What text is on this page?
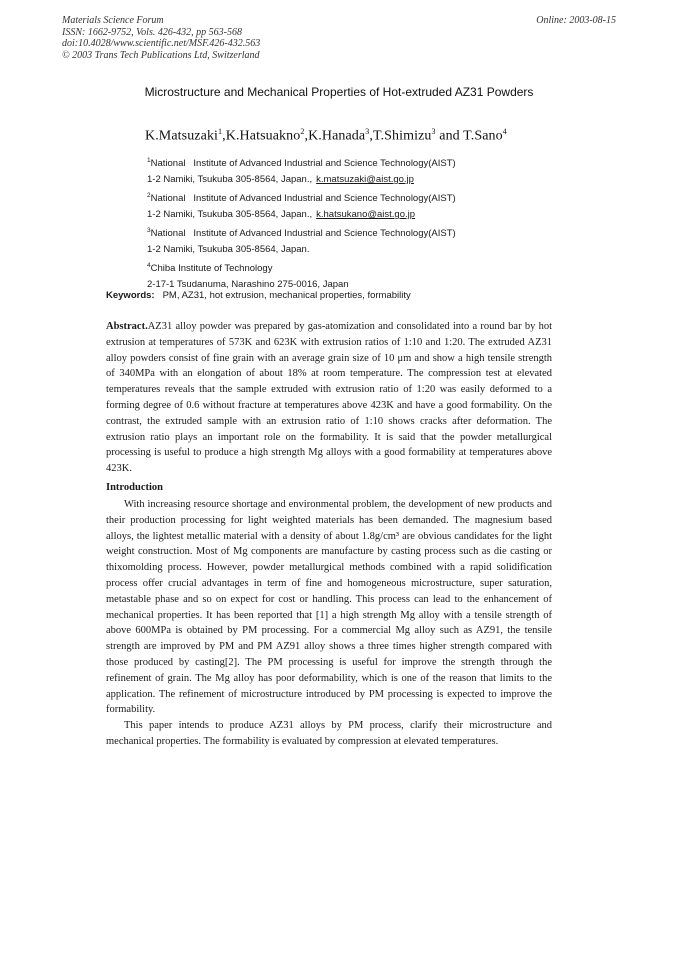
Materials Science Forum
ISSN: 1662-9752, Vols. 426-432, pp 563-568
doi:10.4028/www.scientific.net/MSF.426-432.563
© 2003 Trans Tech Publications Ltd, Switzerland
Online: 2003-08-15
Microstructure and Mechanical Properties of Hot-extruded AZ31 Powders
K.Matsuzaki$^1$,K.Hatsuakno$^2$,K.Hanada$^3$,T.Shimizu$^3$ and T.Sano$^4$
$^1$National   Institute of Advanced Industrial and Science Technology(AIST)
1-2 Namiki, Tsukuba 305-8564, Japan., k.matsuzaki@aist.go.jp
$^2$National   Institute of Advanced Industrial and Science Technology(AIST)
1-2 Namiki, Tsukuba 305-8564, Japan., k.hatsukano@aist.go.jp
$^3$National   Institute of Advanced Industrial and Science Technology(AIST)
1-2 Namiki, Tsukuba 305-8564, Japan.
$^4$Chiba Institute of Technology
2-17-1 Tsudanuma, Narashino 275-0016, Japan
Keywords: PM, AZ31, hot extrusion, mechanical properties, formability
Abstract.AZ31 alloy powder was prepared by gas-atomization and consolidated into a round bar by hot extrusion at temperatures of 573K and 623K with extrusion ratios of 1:10 and 1:20. The extruded AZ31 alloy powders consist of fine grain with an average grain size of 10 μm and show a high tensile strength of 340MPa with an elongation of about 18% at room temperature. The compression test at elevated temperatures reveals that the sample extruded with extrusion ratio of 1:20 was easily deformed to a forming degree of 0.6 without fracture at temperatures above 423K and have a good formability. On the contrast, the extruded sample with an extrusion ratio of 1:10 shows cracks after deformation. The extrusion ratio plays an important role on the formability. It is said that the powder metallurgical processing is useful to produce a high strength Mg alloys with a good formability at temperatures above 423K.
Introduction

With increasing resource shortage and environmental problem, the development of new products and their production processing for light weighted materials has been demanded. The magnesium based alloys, the lightest metallic material with a density of about 1.8g/cm³ are obvious candidates for the light weight construction. Most of Mg components are manufacture by casting process such as die casting or thixomolding process. However, powder metallurgical methods combined with a rapid solidification process offer crucial advantages in term of fine and homogeneous microstructure, super saturation, metastable phase and so on expect for cost or handling. This process can lead to the enhancement of mechanical properties. It has been reported that [1] a high strength Mg alloy with a tensile strength of above 600MPa is obtained by PM processing. For a commercial Mg alloy such as AZ91, the tensile strength are improved by PM and PM AZ91 alloy shows a three times higher strength compared with those produced by casting[2]. The PM processing is useful for improve the strength through the refinement of grain. The Mg alloy has poor deformability, which is one of the reason that limits to the application. The refinement of microstructure introduced by PM processing is expected to improve the formability.

This paper intends to produce AZ31 alloys by PM process, clarify their microstructure and mechanical properties. The formability is evaluated by compression at elevated temperatures.
